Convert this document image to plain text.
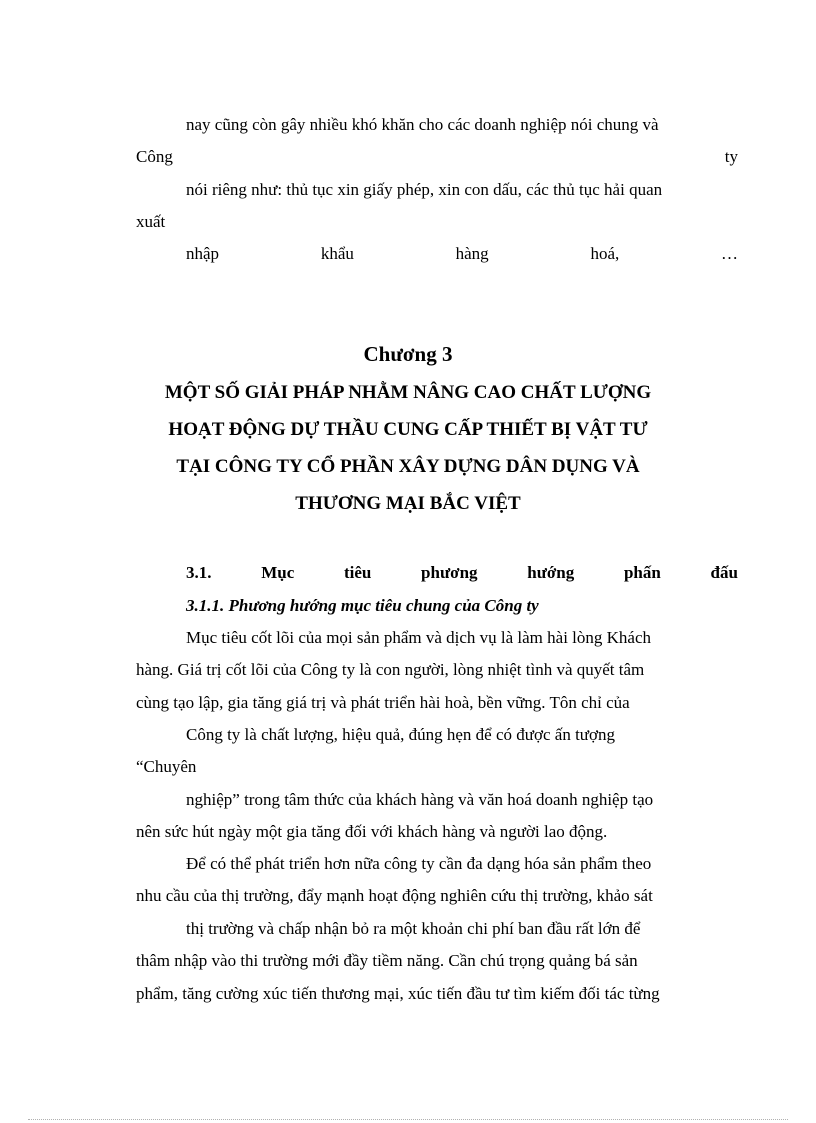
nay cũng còn gây nhiều khó khăn cho các doanh nghiệp nói chung và
Công	ty
nói riêng như: thủ tục xin giấy phép, xin con dấu, các thủ tục hải quan
xuất
nhập	khẩu	hàng	hoá,	…
Chương 3
MỘT SỐ GIẢI PHÁP NHẰM NÂNG CAO CHẤT LƯỢNG
HOẠT ĐỘNG DỰ THẦU CUNG CẤP THIẾT BỊ VẬT TƯ
TẠI CÔNG TY CỔ PHẦN XÂY DỰNG DÂN DỤNG VÀ
THƯƠNG MẠI BẮC VIỆT
3.1.	Mục	tiêu	phương	hướng	phấn	đấu
3.1.1. Phương hướng mục tiêu chung của Công ty
Mục tiêu cốt lõi của mọi sản phẩm và dịch vụ là làm hài lòng Khách
hàng. Giá trị cốt lõi của Công ty là con người, lòng nhiệt tình và quyết tâm
cùng tạo lập, gia tăng giá trị và phát triển hài hoà, bền vững. Tôn chỉ của
Công ty là chất lượng, hiệu quả, đúng hẹn để có được ấn tượng
“Chuyên
nghiệp” trong tâm thức của khách hàng và văn hoá doanh nghiệp tạo
nên sức hút ngày một gia tăng đối với khách hàng và người lao động.
Để có thể phát triển hơn nữa công ty cần đa dạng hóa sản phẩm theo
nhu cầu của thị trường, đẩy mạnh hoạt động nghiên cứu thị trường, khảo sát
thị trường và chấp nhận bỏ ra một khoản chi phí ban đầu rất lớn để
thâm nhập vào thi trường mới đầy tiềm năng. Cần chú trọng quảng bá sản
phẩm, tăng cường xúc tiến thương mại, xúc tiến đầu tư tìm kiếm đối tác từng
